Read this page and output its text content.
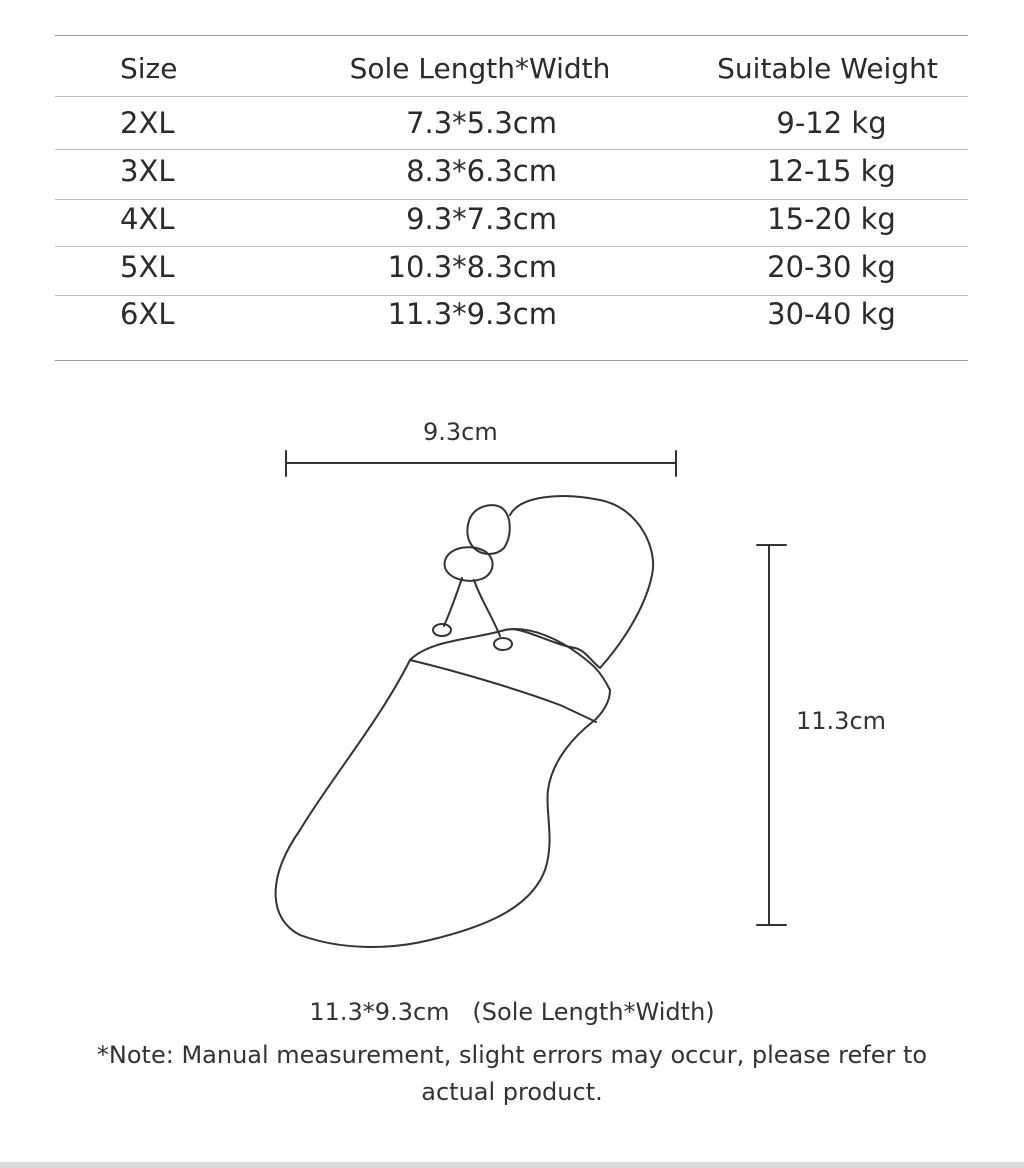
Size	Sole Length*Width	Suitable Weight
2XL	7.3*5.3cm	9-12 kg
3XL	8.3*6.3cm	12-15 kg
4XL	9.3*7.3cm	15-20 kg
5XL	10.3*8.3cm	20-30 kg
6XL	11.3*9.3cm	30-40 kg
9.3cm
11.3cm
11.3*9.3cm   (Sole Length*Width)
*Note: Manual measurement, slight errors may occur, please refer to actual product.
